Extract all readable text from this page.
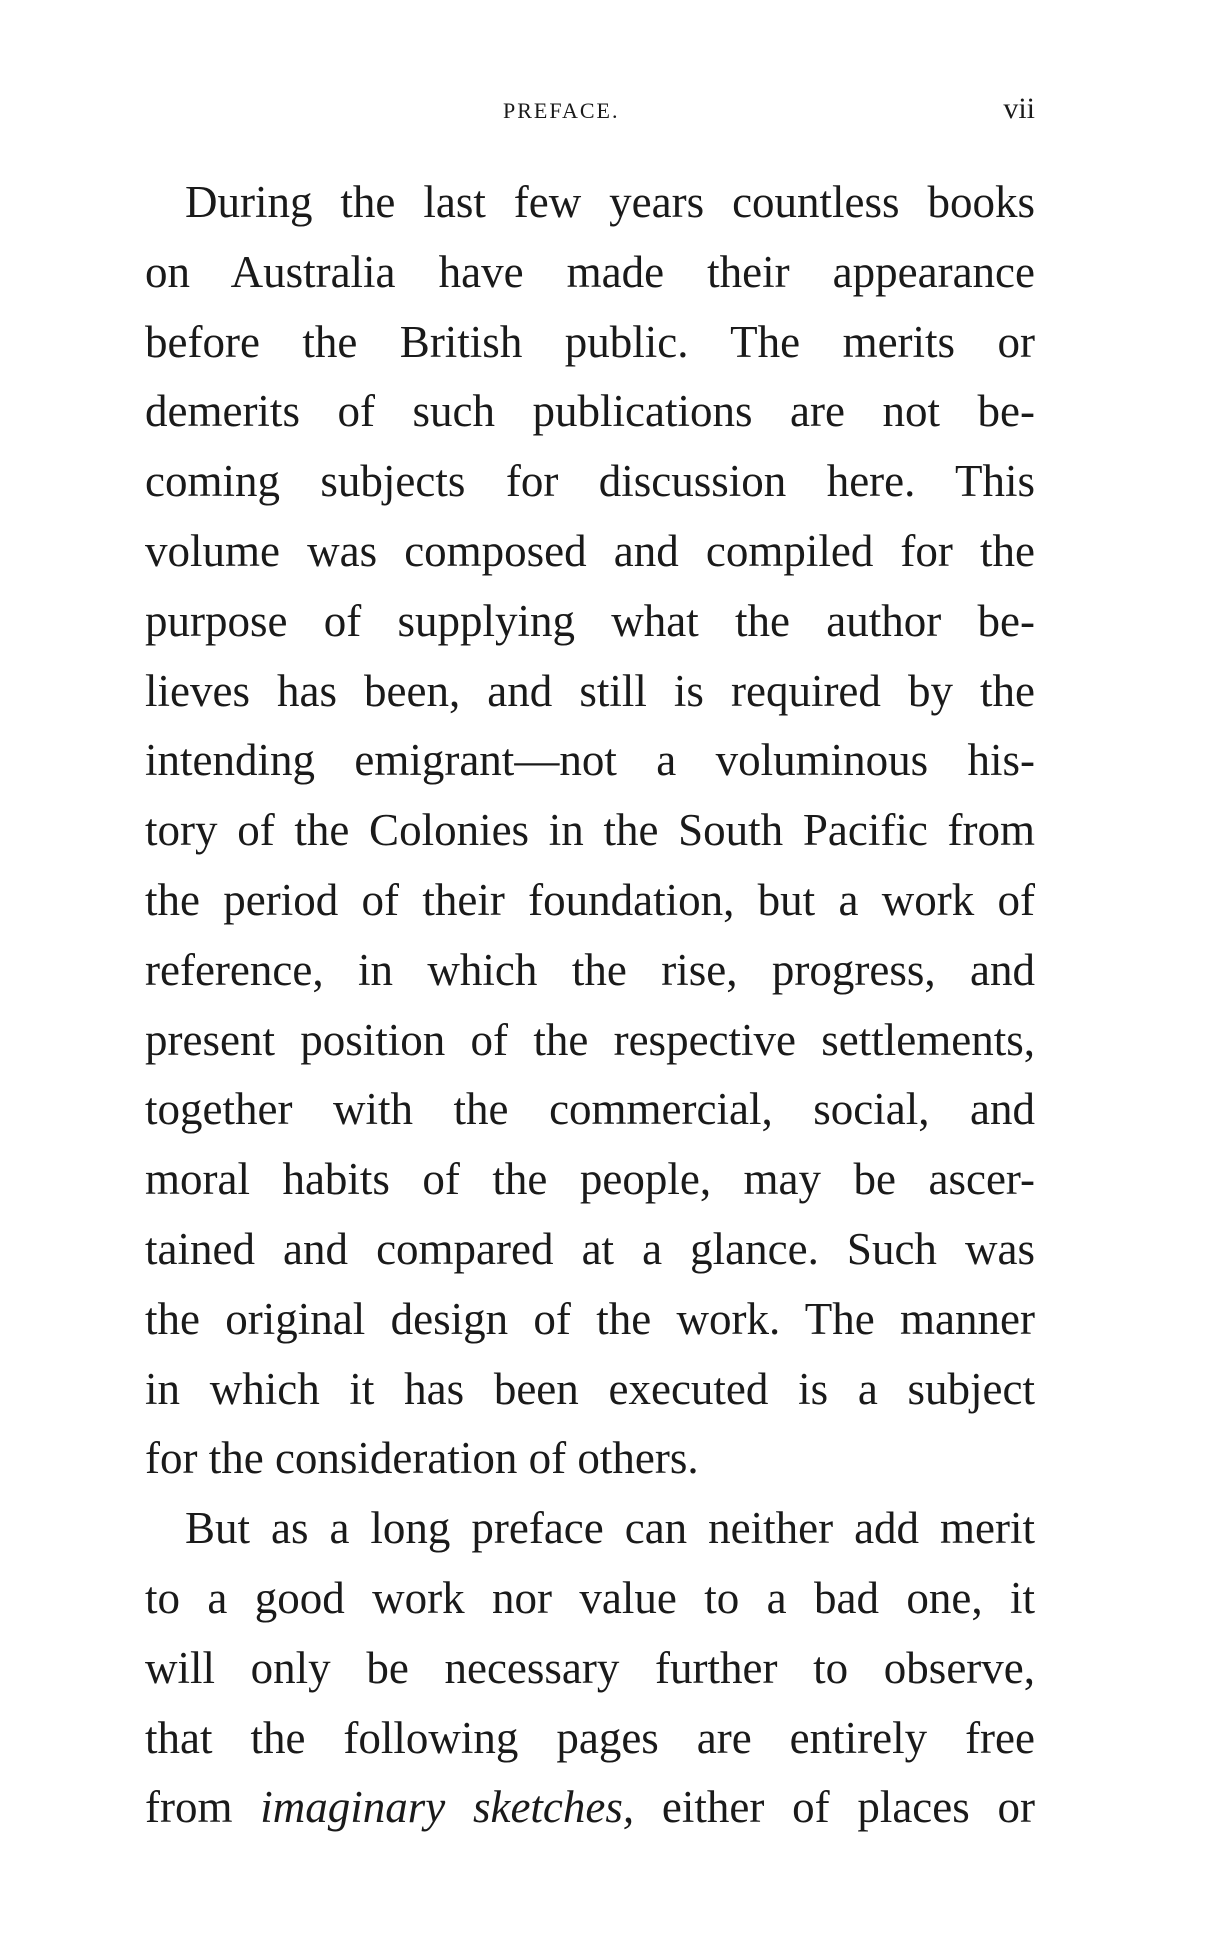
PREFACE.	vii
During the last few years countless books
on Australia have made their appearance
before the British public. The merits or
demerits of such publications are not be-
coming subjects for discussion here. This
volume was composed and compiled for the
purpose of supplying what the author be-
lieves has been, and still is required by the
intending emigrant—not a voluminous his-
tory of the Colonies in the South Pacific from
the period of their foundation, but a work of
reference, in which the rise, progress, and
present position of the respective settlements,
together with the commercial, social, and
moral habits of the people, may be ascer-
tained and compared at a glance. Such was
the original design of the work. The manner
in which it has been executed is a subject
for the consideration of others.
But as a long preface can neither add merit
to a good work nor value to a bad one, it
will only be necessary further to observe,
that the following pages are entirely free
from imaginary sketches, either of places or
